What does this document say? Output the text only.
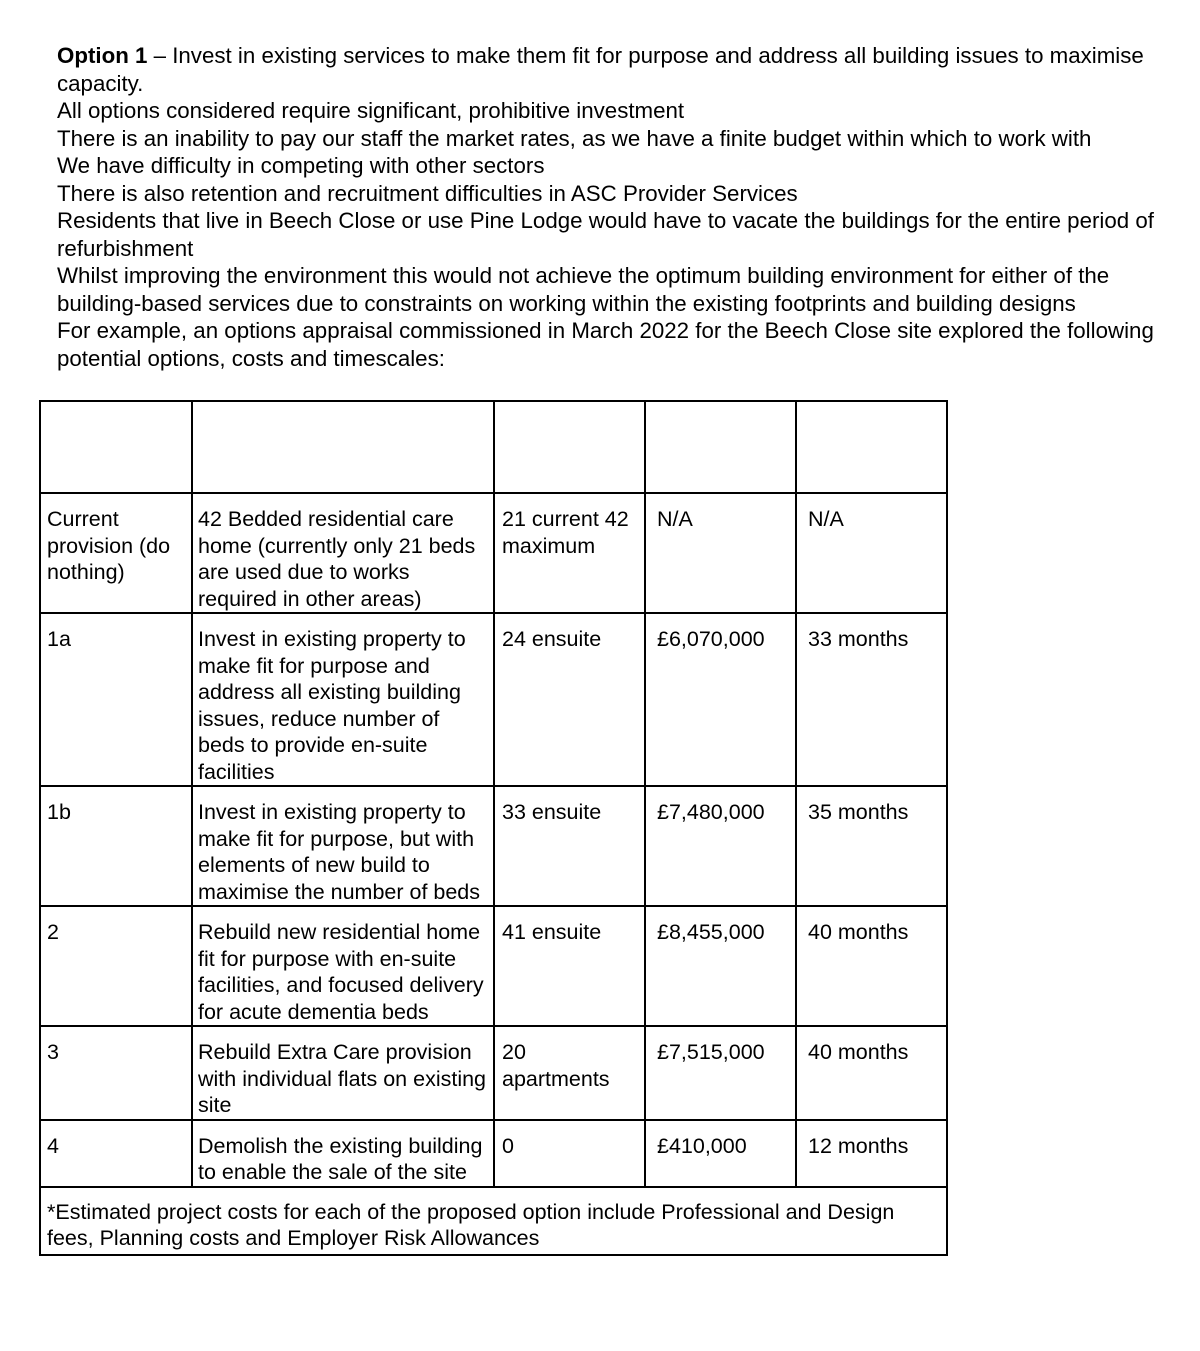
Option 1 – Invest in existing services to make them fit for purpose and address all building issues to maximise capacity.

All options considered require significant, prohibitive investment

There is an inability to pay our staff the market rates, as we have a finite budget within which to work with

We have difficulty in competing with other sectors

There is also retention and recruitment difficulties in ASC Provider Services

Residents that live in Beech Close or use Pine Lodge would have to vacate the buildings for the entire period of refurbishment

Whilst improving the environment this would not achieve the optimum building environment for either of the building-based services due to constraints on working within the existing footprints and building designs

For example, an options appraisal commissioned in March 2022 for the Beech Close site explored the following potential options, costs and timescales:

Current provision (do nothing)	42 Bedded residential care home (currently only 21 beds are used due to works required in other areas)	21 current 42 maximum	N/A	N/A

1a	Invest in existing property to make fit for purpose and address all existing building issues, reduce number of beds to provide en-suite facilities	24 ensuite	£6,070,000	33 months

1b	Invest in existing property to make fit for purpose, but with elements of new build to maximise the number of beds	33 ensuite	£7,480,000	35 months

2	Rebuild new residential home fit for purpose with en-suite facilities, and focused delivery for acute dementia beds	41 ensuite	£8,455,000	40 months

3	Rebuild Extra Care provision with individual flats on existing site	20 apartments	£7,515,000	40 months

4	Demolish the existing building to enable the sale of the site	0	£410,000	12 months

*Estimated project costs for each of the proposed option include Professional and Design fees, Planning costs and Employer Risk Allowances				
